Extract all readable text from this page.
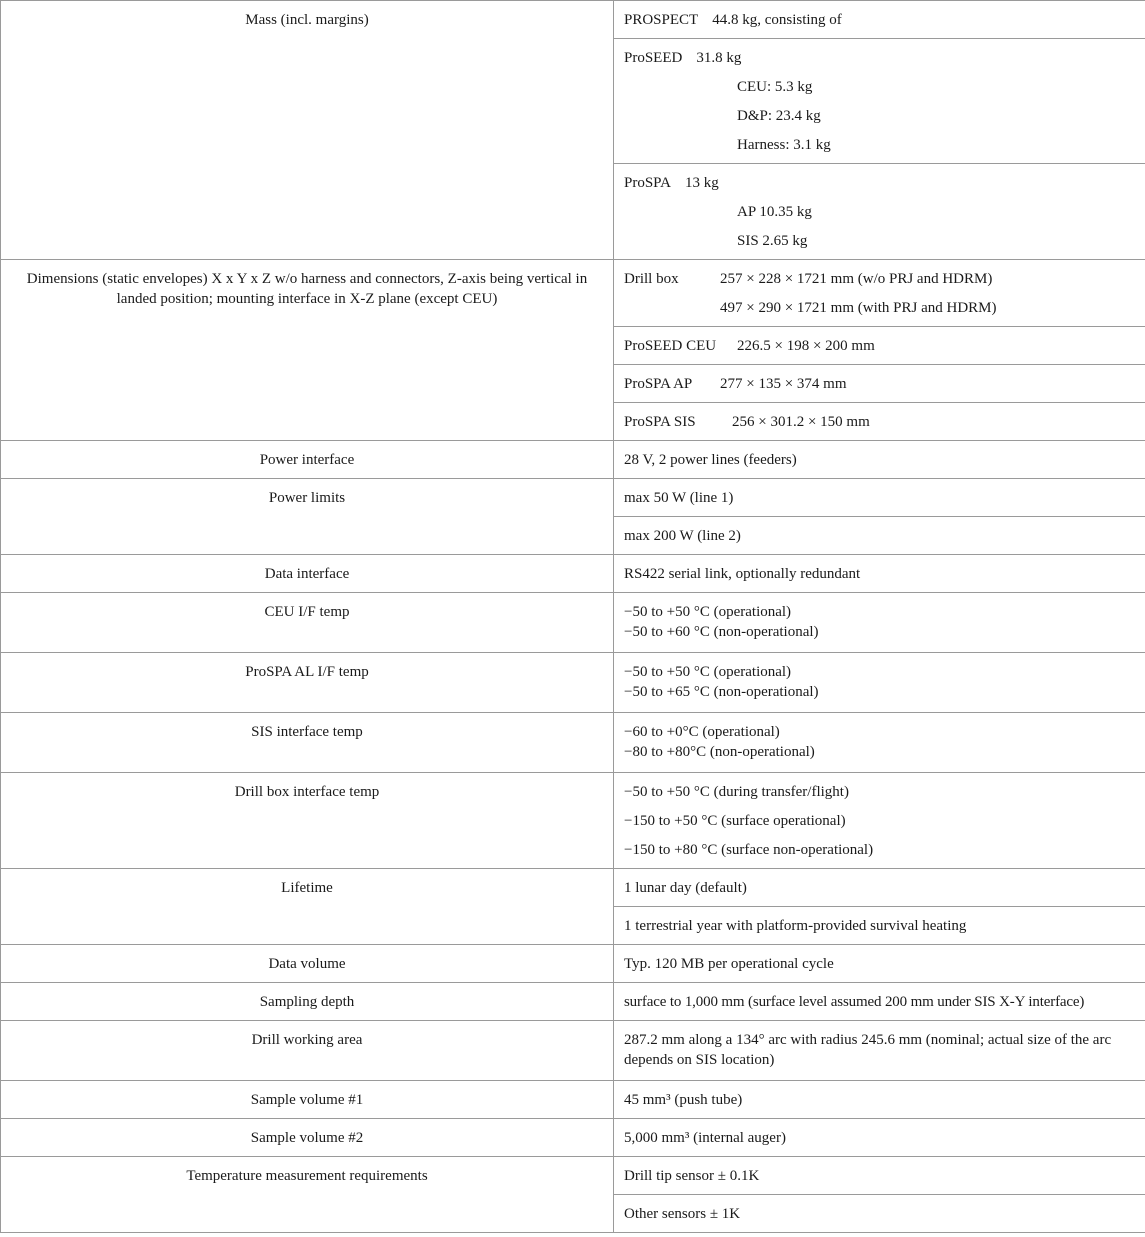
Mass (incl. margins)	PROSPECT 44.8 kg, consisting of

	ProSEED 31.8 kg
CEU: 5.3 kg
D&P: 23.4 kg
Harness: 3.1 kg

	ProSPA 13 kg
AP 10.35 kg
SIS 2.65 kg

Dimensions (static envelopes) X x Y x Z w/o harness and connectors, Z-axis being vertical in landed position; mounting interface in X-Z plane (except CEU)	Drill box 257 × 228 × 1721 mm (w/o PRJ and HDRM)
497 × 290 × 1721 mm (with PRJ and HDRM)

	ProSEED CEU 226.5 × 198 × 200 mm
	ProSPA AP 277 × 135 × 374 mm
	ProSPA SIS 256 × 301.2 × 150 mm
Power interface	28 V, 2 power lines (feeders)
Power limits	max 50 W (line 1)
	max 200 W (line 2)
Data interface	RS422 serial link, optionally redundant
CEU I/F temp	−50 to +50 °C (operational)
−50 to +60 °C (non-operational)

ProSPA AL I/F temp	−50 to +50 °C (operational)
−50 to +65 °C (non-operational)

SIS interface temp	−60 to +0°C (operational)
−80 to +80°C (non-operational)

Drill box interface temp	−50 to +50 °C (during transfer/flight)
−150 to +50 °C (surface operational)
−150 to +80 °C (surface non-operational)

Lifetime	1 lunar day (default)
	1 terrestrial year with platform-provided survival heating
Data volume	Typ. 120 MB per operational cycle
Sampling depth	surface to 1,000 mm (surface level assumed 200 mm under SIS X-Y interface)
Drill working area	287.2 mm along a 134° arc with radius 245.6 mm (nominal; actual size of the arc depends on SIS location)
Sample volume #1	45 mm³ (push tube)
Sample volume #2	5,000 mm³ (internal auger)
Temperature measurement requirements	Drill tip sensor ± 0.1K
	Other sensors ± 1K
